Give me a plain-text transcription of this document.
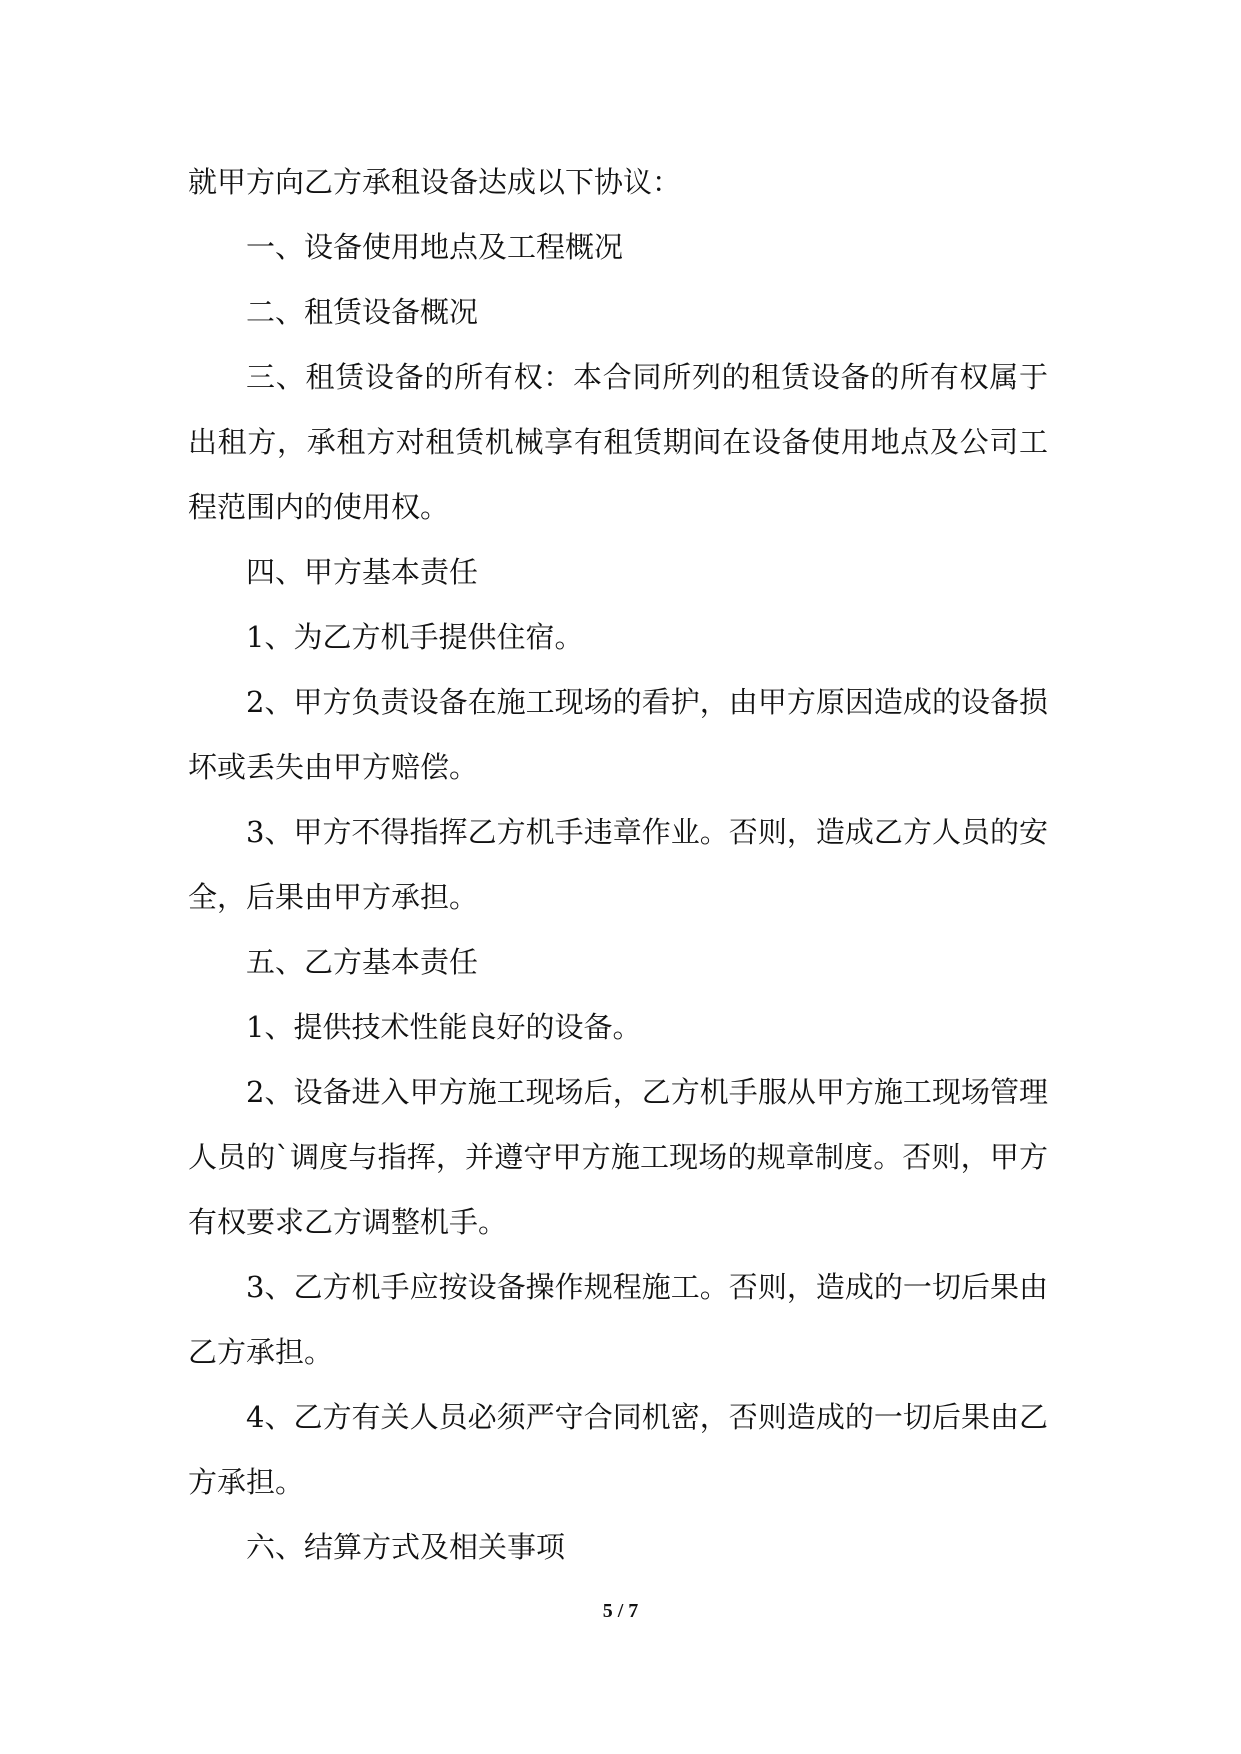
就甲方向乙方承租设备达成以下协议：

一、设备使用地点及工程概况

二、租赁设备概况

三、租赁设备的所有权：本合同所列的租赁设备的所有权属于出租方，承租方对租赁机械享有租赁期间在设备使用地点及公司工程范围内的使用权。

四、甲方基本责任

1、为乙方机手提供住宿。

2、甲方负责设备在施工现场的看护，由甲方原因造成的设备损坏或丢失由甲方赔偿。

3、甲方不得指挥乙方机手违章作业。否则，造成乙方人员的安全，后果由甲方承担。

五、乙方基本责任

1、提供技术性能良好的设备。

2、设备进入甲方施工现场后，乙方机手服从甲方施工现场管理人员的`调度与指挥，并遵守甲方施工现场的规章制度。否则，甲方有权要求乙方调整机手。

3、乙方机手应按设备操作规程施工。否则，造成的一切后果由乙方承担。

4、乙方有关人员必须严守合同机密，否则造成的一切后果由乙方承担。

六、结算方式及相关事项

5 / 7
